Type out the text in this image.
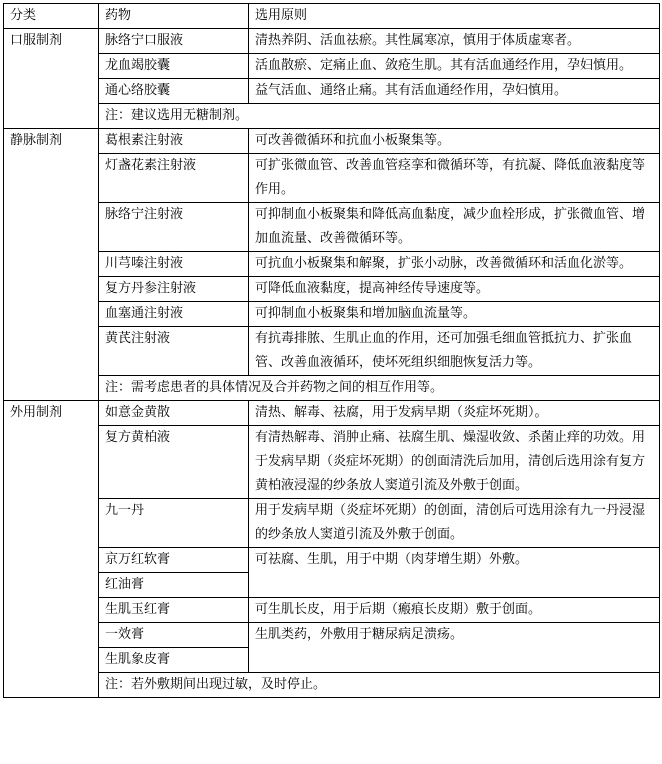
分类	药物	选用原则
口服制剂	脉络宁口服液	清热养阴、活血祛瘀。其性属寒凉，慎用于体质虚寒者。
	龙血竭胶囊	活血散瘀、定痛止血、敛疮生肌。其有活血通经作用，孕妇慎用。
	通心络胶囊	益气活血、通络止痛。其有活血通经作用，孕妇慎用。
	注：建议选用无糖制剂。	
静脉制剂	葛根素注射液	可改善微循环和抗血小板聚集等。
	灯盏花素注射液	可扩张微血管、改善血管痉挛和微循环等，有抗凝、降低血液黏度等作用。
	脉络宁注射液	可抑制血小板聚集和降低高血黏度，减少血栓形成，扩张微血管、增加血流量、改善微循环等。
	川芎嗪注射液	可抗血小板聚集和解聚，扩张小动脉，改善微循环和活血化淤等。
	复方丹参注射液	可降低血液黏度，提高神经传导速度等。
	血塞通注射液	可抑制血小板聚集和增加脑血流量等。
	黄芪注射液	有抗毒排脓、生肌止血的作用，还可加强毛细血管抵抗力、扩张血管、改善血液循环，使坏死组织细胞恢复活力等。
	注：需考虑患者的具体情况及合并药物之间的相互作用等。	
外用制剂	如意金黄散	清热、解毒、祛腐，用于发病早期（炎症坏死期）。
	复方黄柏液	有清热解毒、消肿止痛、祛腐生肌、燥湿收敛、杀菌止痒的功效。用于发病早期（炎症坏死期）的创面清洗后加用，清创后选用涂有复方黄柏液浸湿的纱条放人窦道引流及外敷于创面。
	九一丹	用于发病早期（炎症坏死期）的创面，清创后可选用涂有九一丹浸湿的纱条放人窦道引流及外敷于创面。
	京万红软膏	可祛腐、生肌，用于中期（肉芽增生期）外敷。
	红油膏	
	生肌玉红膏	可生肌长皮，用于后期（瘢痕长皮期）敷于创面。
	一效膏	生肌类药，外敷用于糖尿病足溃疡。
	生肌象皮膏	
	注：若外敷期间出现过敏，及时停止。	
